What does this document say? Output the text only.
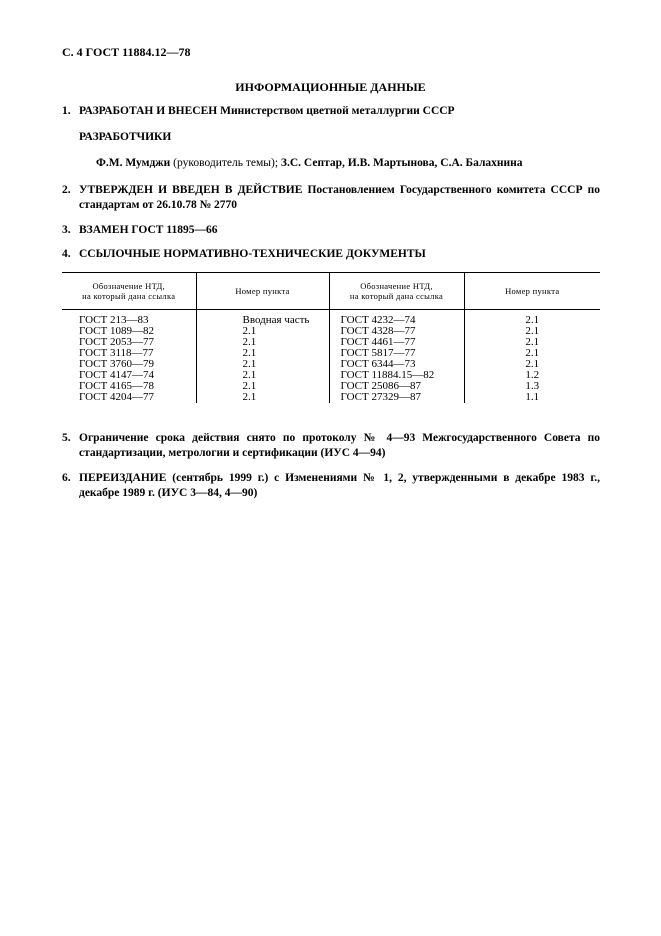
С. 4 ГОСТ 11884.12—78
ИНФОРМАЦИОННЫЕ ДАННЫЕ
1. РАЗРАБОТАН И ВНЕСЕН Министерством цветной металлургии СССР
РАЗРАБОТЧИКИ
Ф.М. Мумджи (руководитель темы); З.С. Септар, И.В. Мартынова, С.А. Балахнина
2. УТВЕРЖДЕН И ВВЕДЕН В ДЕЙСТВИЕ Постановлением Государственного комитета СССР по стандартам от 26.10.78 № 2770
3. ВЗАМЕН ГОСТ 11895—66
4. ССЫЛОЧНЫЕ НОРМАТИВНО-ТЕХНИЧЕСКИЕ ДОКУМЕНТЫ
Обозначение НТД,
на который дана ссылка	Номер пункта	Обозначение НТД,
на который дана ссылка	Номер пункта
ГОСТ 213—83	Вводная часть	ГОСТ 4232—74	2.1
ГОСТ 1089—82	2.1	ГОСТ 4328—77	2.1
ГОСТ 2053—77	2.1	ГОСТ 4461—77	2.1
ГОСТ 3118—77	2.1	ГОСТ 5817—77	2.1
ГОСТ 3760—79	2.1	ГОСТ 6344—73	2.1
ГОСТ 4147—74	2.1	ГОСТ 11884.15—82	1.2
ГОСТ 4165—78	2.1	ГОСТ 25086—87	1.3
ГОСТ 4204—77	2.1	ГОСТ 27329—87	1.1
5. Ограничение срока действия снято по протоколу № 4—93 Межгосударственного Совета по стандартизации, метрологии и сертификации (ИУС 4—94)
6. ПЕРЕИЗДАНИЕ (сентябрь 1999 г.) с Изменениями № 1, 2, утвержденными в декабре 1983 г., декабре 1989 г. (ИУС 3—84, 4—90)
